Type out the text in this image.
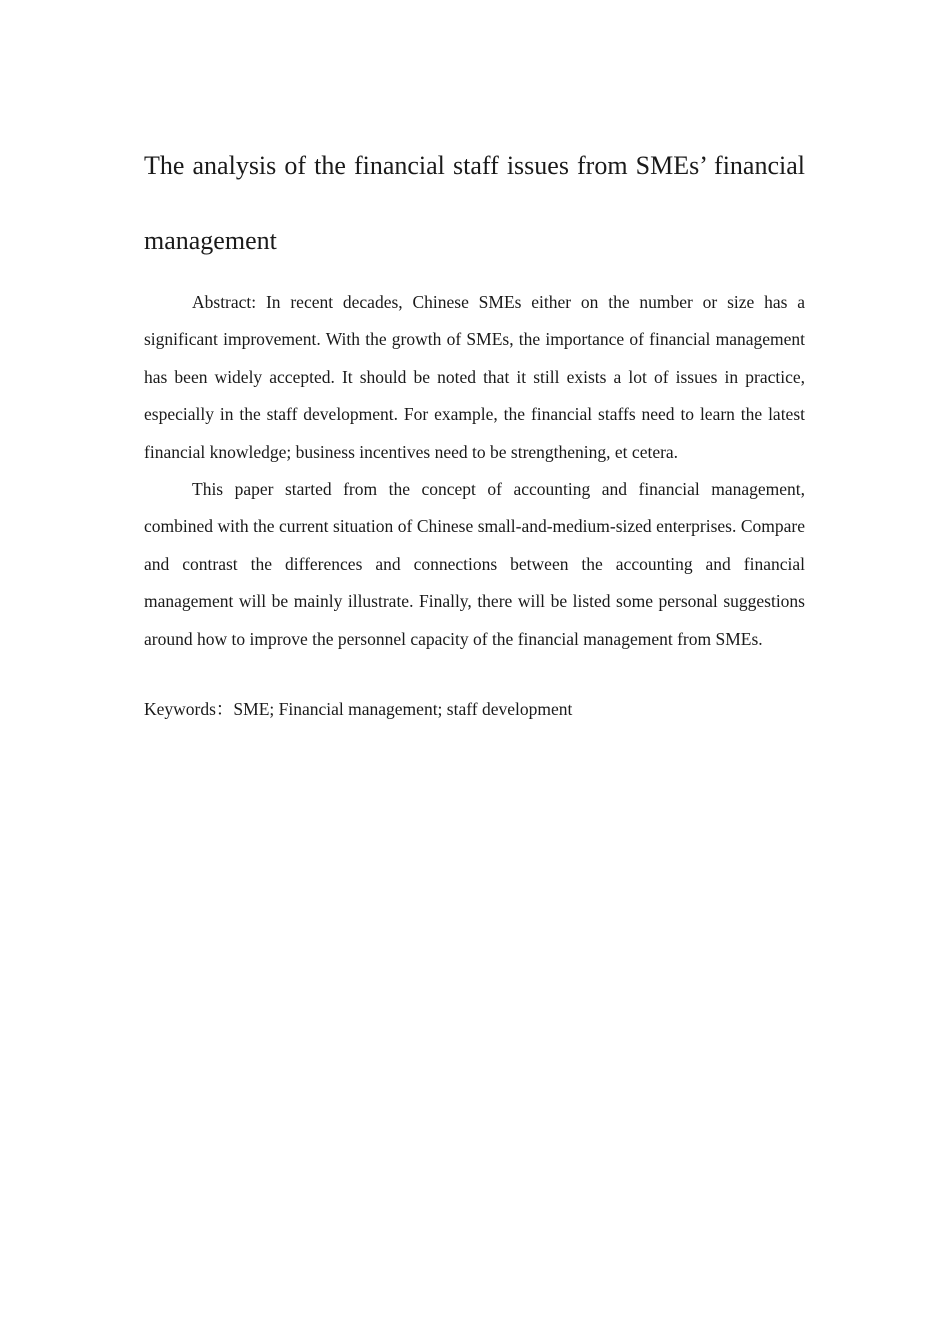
The analysis of the financial staff issues from SMEs’ financial management

Abstract: In recent decades, Chinese SMEs either on the number or size has a significant improvement. With the growth of SMEs, the importance of financial management has been widely accepted. It should be noted that it still exists a lot of issues in practice, especially in the staff development. For example, the financial staffs need to learn the latest financial knowledge; business incentives need to be strengthening, et cetera.

This paper started from the concept of accounting and financial management, combined with the current situation of Chinese small-and-medium-sized enterprises. Compare and contrast the differences and connections between the accounting and financial management will be mainly illustrate. Finally, there will be listed some personal suggestions around how to improve the personnel capacity of the financial management from SMEs.

Keywords：SME; Financial management; staff development
